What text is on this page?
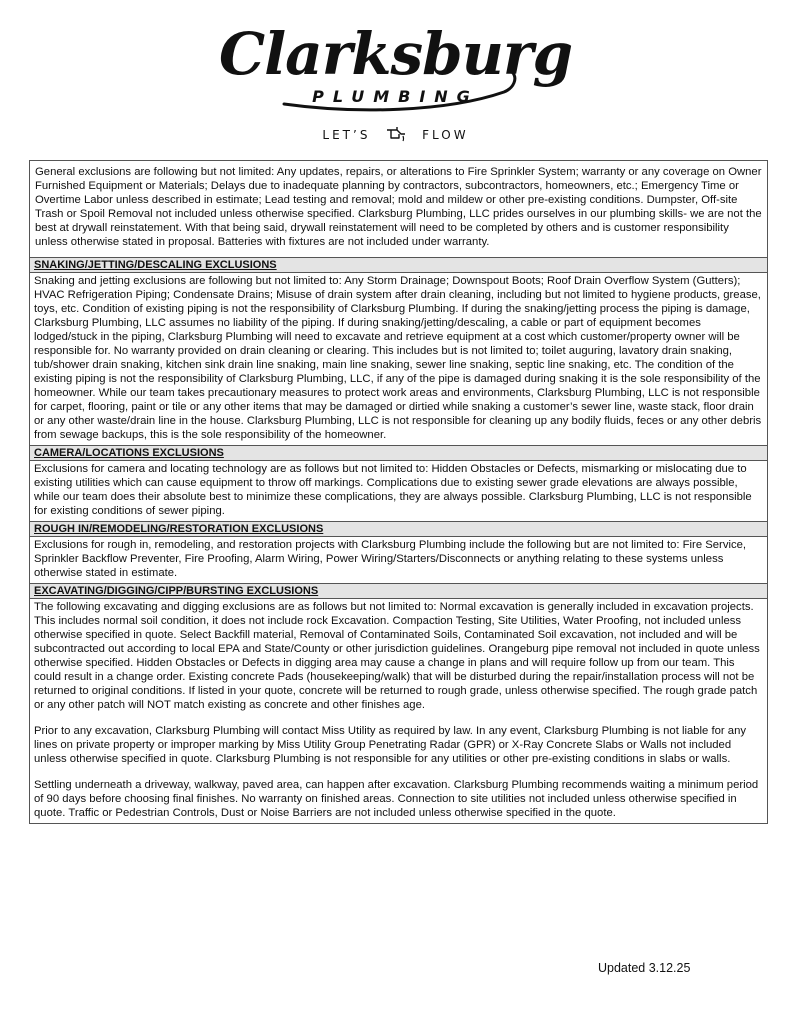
Clarksburg
PLUMBING
LET’S	FLOW
General exclusions are following but not limited: Any updates, repairs, or alterations to Fire Sprinkler System; warranty or any coverage on Owner Furnished Equipment or Materials; Delays due to inadequate planning by contractors, subcontractors, homeowners, etc.; Emergency Time or Overtime Labor unless described in estimate; Lead testing and removal; mold and mildew or other pre-existing conditions. Dumpster, Off-site Trash or Spoil Removal not included unless otherwise specified. Clarksburg Plumbing, LLC prides ourselves in our plumbing skills- we are not the best at drywall reinstatement. With that being said, drywall reinstatement will need to be completed by others and is customer responsibility unless otherwise stated in proposal. Batteries with fixtures are not included under warranty.
SNAKING/JETTING/DESCALING EXCLUSIONS

Snaking and jetting exclusions are following but not limited to: Any Storm Drainage; Downspout Boots; Roof Drain Overflow System (Gutters); HVAC Refrigeration Piping; Condensate Drains; Misuse of drain system after drain cleaning, including but not limited to hygiene products, grease, toys, etc. Condition of existing piping is not the responsibility of Clarksburg Plumbing. If during the snaking/jetting process the piping is damage, Clarksburg Plumbing, LLC assumes no liability of the piping. If during snaking/jetting/descaling, a cable or part of equipment becomes lodged/stuck in the piping, Clarksburg Plumbing will need to excavate and retrieve equipment at a cost which customer/property owner will be responsible for. No warranty provided on drain cleaning or clearing. This includes but is not limited to; toilet auguring, lavatory drain snaking, tub/shower drain snaking, kitchen sink drain line snaking, main line snaking, sewer line snaking, septic line snaking, etc. The condition of the existing piping is not the responsibility of Clarksburg Plumbing, LLC, if any of the pipe is damaged during snaking it is the sole responsibility of the homeowner. While our team takes precautionary measures to protect work areas and environments, Clarksburg Plumbing, LLC is not responsible for carpet, flooring, paint or tile or any other items that may be damaged or dirtied while snaking a customer’s sewer line, waste stack, floor drain or any other waste/drain line in the house. Clarksburg Plumbing, LLC is not responsible for cleaning up any bodily fluids, feces or any other debris from sewage backups, this is the sole responsibility of the homeowner.

CAMERA/LOCATIONS EXCLUSIONS

Exclusions for camera and locating technology are as follows but not limited to: Hidden Obstacles or Defects, mismarking or mislocating due to existing utilities which can cause equipment to throw off markings. Complications due to existing sewer grade elevations are always possible, while our team does their absolute best to minimize these complications, they are always possible. Clarksburg Plumbing, LLC is not responsible for existing conditions of sewer piping.

ROUGH IN/REMODELING/RESTORATION EXCLUSIONS

Exclusions for rough in, remodeling, and restoration projects with Clarksburg Plumbing include the following but are not limited to: Fire Service, Sprinkler Backflow Preventer, Fire Proofing, Alarm Wiring, Power Wiring/Starters/Disconnects or anything relating to these systems unless otherwise stated in estimate.

EXCAVATING/DIGGING/CIPP/BURSTING EXCLUSIONS

The following excavating and digging exclusions are as follows but not limited to: Normal excavation is generally included in excavation projects. This includes normal soil condition, it does not include rock Excavation. Compaction Testing, Site Utilities, Water Proofing, not included unless otherwise specified in quote. Select Backfill material, Removal of Contaminated Soils, Contaminated Soil excavation, not included and will be subcontracted out according to local EPA and State/County or other jurisdiction guidelines. Orangeburg pipe removal not included in quote unless otherwise specified. Hidden Obstacles or Defects in digging area may cause a change in plans and will require follow up from our team. This could result in a change order. Existing concrete Pads (housekeeping/walk) that will be disturbed during the repair/installation process will not be returned to original conditions. If listed in your quote, concrete will be returned to rough grade, unless otherwise specified. The rough grade patch or any other patch will NOT match existing as concrete and other finishes age.

Prior to any excavation, Clarksburg Plumbing will contact Miss Utility as required by law. In any event, Clarksburg Plumbing is not liable for any lines on private property or improper marking by Miss Utility Group Penetrating Radar (GPR) or X-Ray Concrete Slabs or Walls not included unless otherwise specified in quote. Clarksburg Plumbing is not responsible for any utilities or other pre-existing conditions in slabs or walls.

Settling underneath a driveway, walkway, paved area, can happen after excavation. Clarksburg Plumbing recommends waiting a minimum period of 90 days before choosing final finishes. No warranty on finished areas. Connection to site utilities not included unless otherwise specified in quote. Traffic or Pedestrian Controls, Dust or Noise Barriers are not included unless otherwise specified in the quote.

Updated 3.12.25
